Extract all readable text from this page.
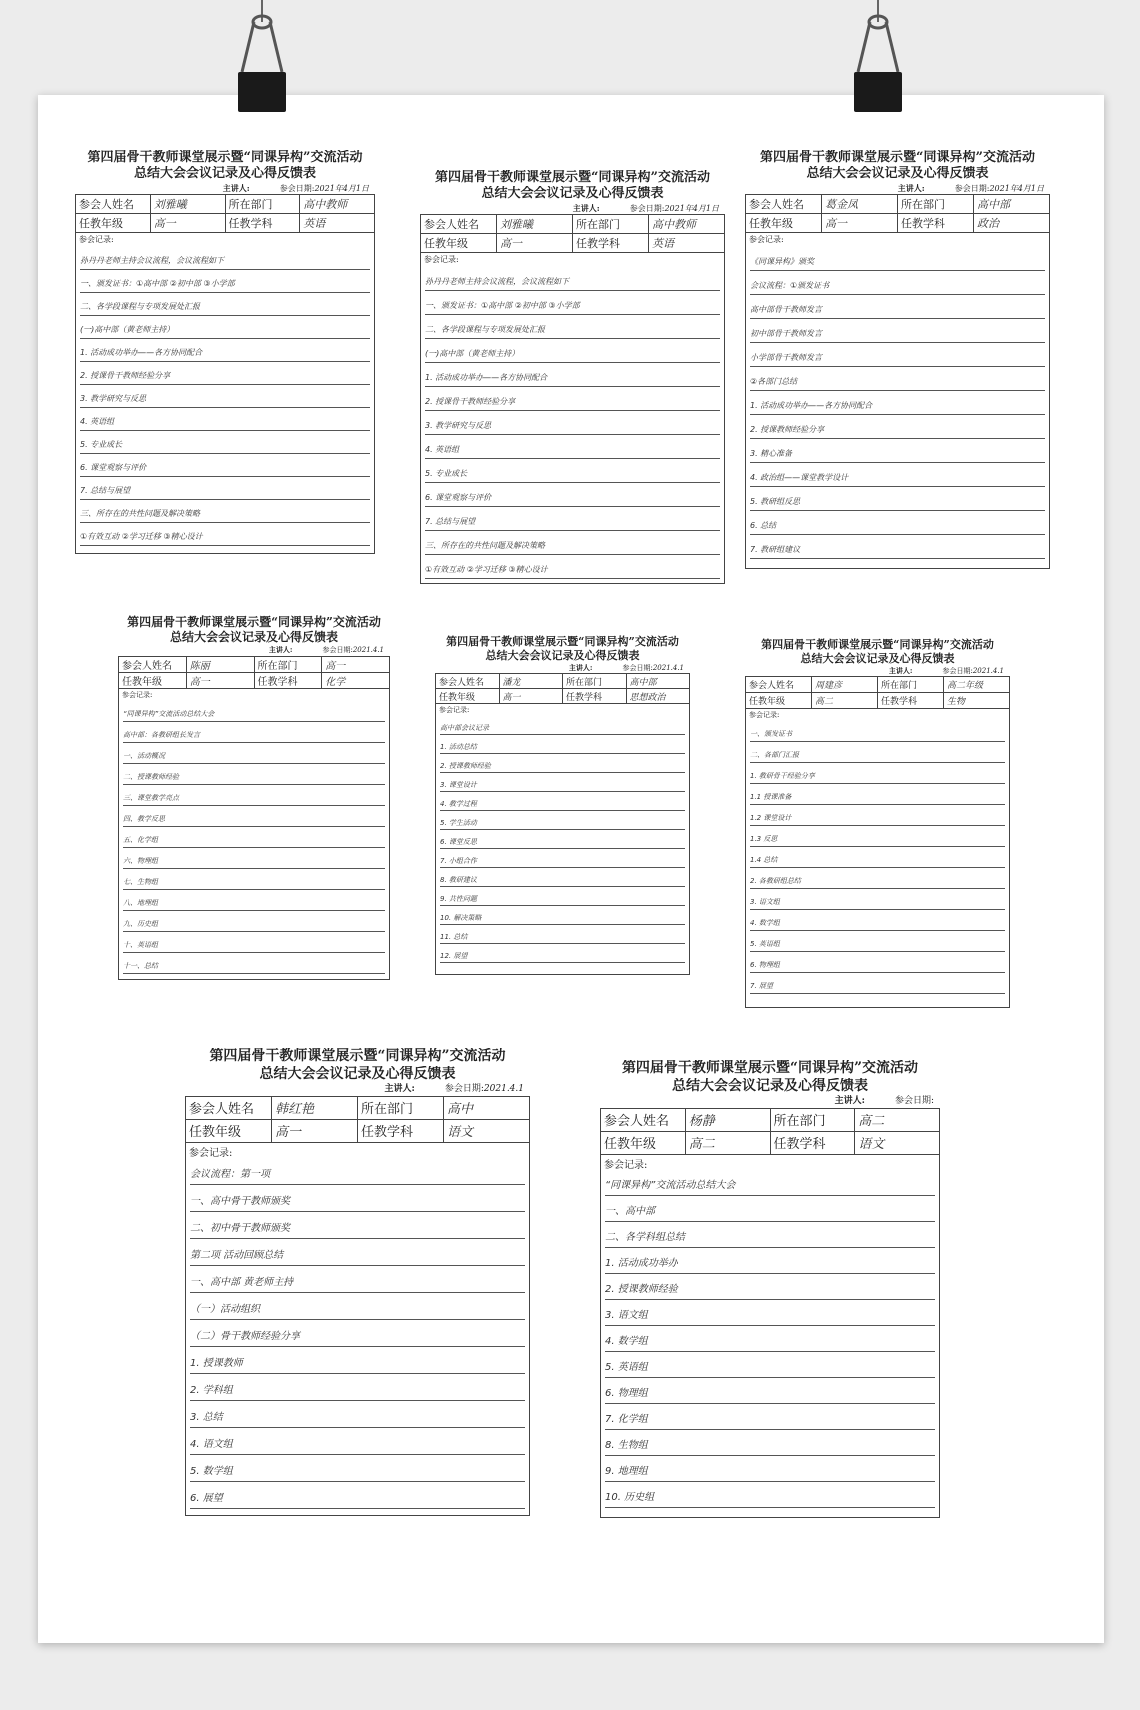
第四届骨干教师课堂展示暨“同课异构”交流活动
总结大会会议记录及心得反馈表
主讲人:	参会日期:2021年4月1日
参会人姓名	刘雅曦	所在部门	高中教师
任教年级	高一	任教学科	英语
参会记录:
孙丹丹老师主持会议流程，会议流程如下
一、颁发证书：①高中部 ②初中部 ③小学部
二、各学段课程与专项发展处汇报
(一)高中部（黄老师主持）
1. 活动成功举办——各方协同配合
2. 授课骨干教师经验分享
3. 教学研究与反思
4. 英语组
5. 专业成长
6. 课堂观察与评价
7. 总结与展望
三、所存在的共性问题及解决策略
①有效互动 ②学习迁移 ③精心设计
第四届骨干教师课堂展示暨“同课异构”交流活动
总结大会会议记录及心得反馈表
主讲人:	参会日期:2021年4月1日
参会人姓名	刘雅曦	所在部门	高中教师
任教年级	高一	任教学科	英语
参会记录:
孙丹丹老师主持会议流程，会议流程如下
一、颁发证书：①高中部 ②初中部 ③小学部
二、各学段课程与专项发展处汇报
(一)高中部（黄老师主持）
1. 活动成功举办——各方协同配合
2. 授课骨干教师经验分享
3. 教学研究与反思
4. 英语组
5. 专业成长
6. 课堂观察与评价
7. 总结与展望
三、所存在的共性问题及解决策略
①有效互动 ②学习迁移 ③精心设计
第四届骨干教师课堂展示暨“同课异构”交流活动
总结大会会议记录及心得反馈表
主讲人:	参会日期:2021年4月1日
参会人姓名	葛金凤	所在部门	高中部
任教年级	高一	任教学科	政治
参会记录:
《同课异构》颁奖
会议流程：①颁发证书
高中部骨干教师发言
初中部骨干教师发言
小学部骨干教师发言
②各部门总结
1. 活动成功举办——各方协同配合
2. 授课教师经验分享
3. 精心准备
4. 政治组——课堂教学设计
5. 教研组反思
6. 总结
7. 教研组建议
第四届骨干教师课堂展示暨“同课异构”交流活动
总结大会会议记录及心得反馈表
主讲人:	参会日期:2021.4.1
参会人姓名	陈丽	所在部门	高一
任教年级	高一	任教学科	化学
参会记录:
“同课异构”交流活动总结大会
高中部：各教研组长发言
一、活动概况
二、授课教师经验
三、课堂教学亮点
四、教学反思
五、化学组
六、物理组
七、生物组
八、地理组
九、历史组
十、英语组
十一、总结
第四届骨干教师课堂展示暨“同课异构”交流活动
总结大会会议记录及心得反馈表
主讲人:	参会日期:2021.4.1
参会人姓名	潘龙	所在部门	高中部
任教年级	高一	任教学科	思想政治
参会记录:
高中部会议记录
1. 活动总结
2. 授课教师经验
3. 课堂设计
4. 教学过程
5. 学生活动
6. 课堂反思
7. 小组合作
8. 教研建议
9. 共性问题
10. 解决策略
11. 总结
12. 展望
第四届骨干教师课堂展示暨“同课异构”交流活动
总结大会会议记录及心得反馈表
主讲人:	参会日期:2021.4.1
参会人姓名	周建彦	所在部门	高二年级
任教年级	高二	任教学科	生物
参会记录:
一、颁发证书
二、各部门汇报
1. 教研骨干经验分享
1.1 授课准备
1.2 课堂设计
1.3 反思
1.4 总结
2. 各教研组总结
3. 语文组
4. 数学组
5. 英语组
6. 物理组
7. 展望
第四届骨干教师课堂展示暨“同课异构”交流活动
总结大会会议记录及心得反馈表
主讲人:	参会日期:2021.4.1
参会人姓名	韩红艳	所在部门	高中
任教年级	高一	任教学科	语文
参会记录:
会议流程：第一项
一、高中骨干教师颁奖
二、初中骨干教师颁奖
第二项 活动回顾总结
一、高中部 黄老师主持
（一）活动组织
（二）骨干教师经验分享
1. 授课教师
2. 学科组
3. 总结
4. 语文组
5. 数学组
6. 展望
第四届骨干教师课堂展示暨“同课异构”交流活动
总结大会会议记录及心得反馈表
主讲人:	参会日期:
参会人姓名	杨静	所在部门	高二
任教年级	高二	任教学科	语文
参会记录:
“同课异构”交流活动总结大会
一、高中部
二、各学科组总结
1. 活动成功举办
2. 授课教师经验
3. 语文组
4. 数学组
5. 英语组
6. 物理组
7. 化学组
8. 生物组
9. 地理组
10. 历史组
